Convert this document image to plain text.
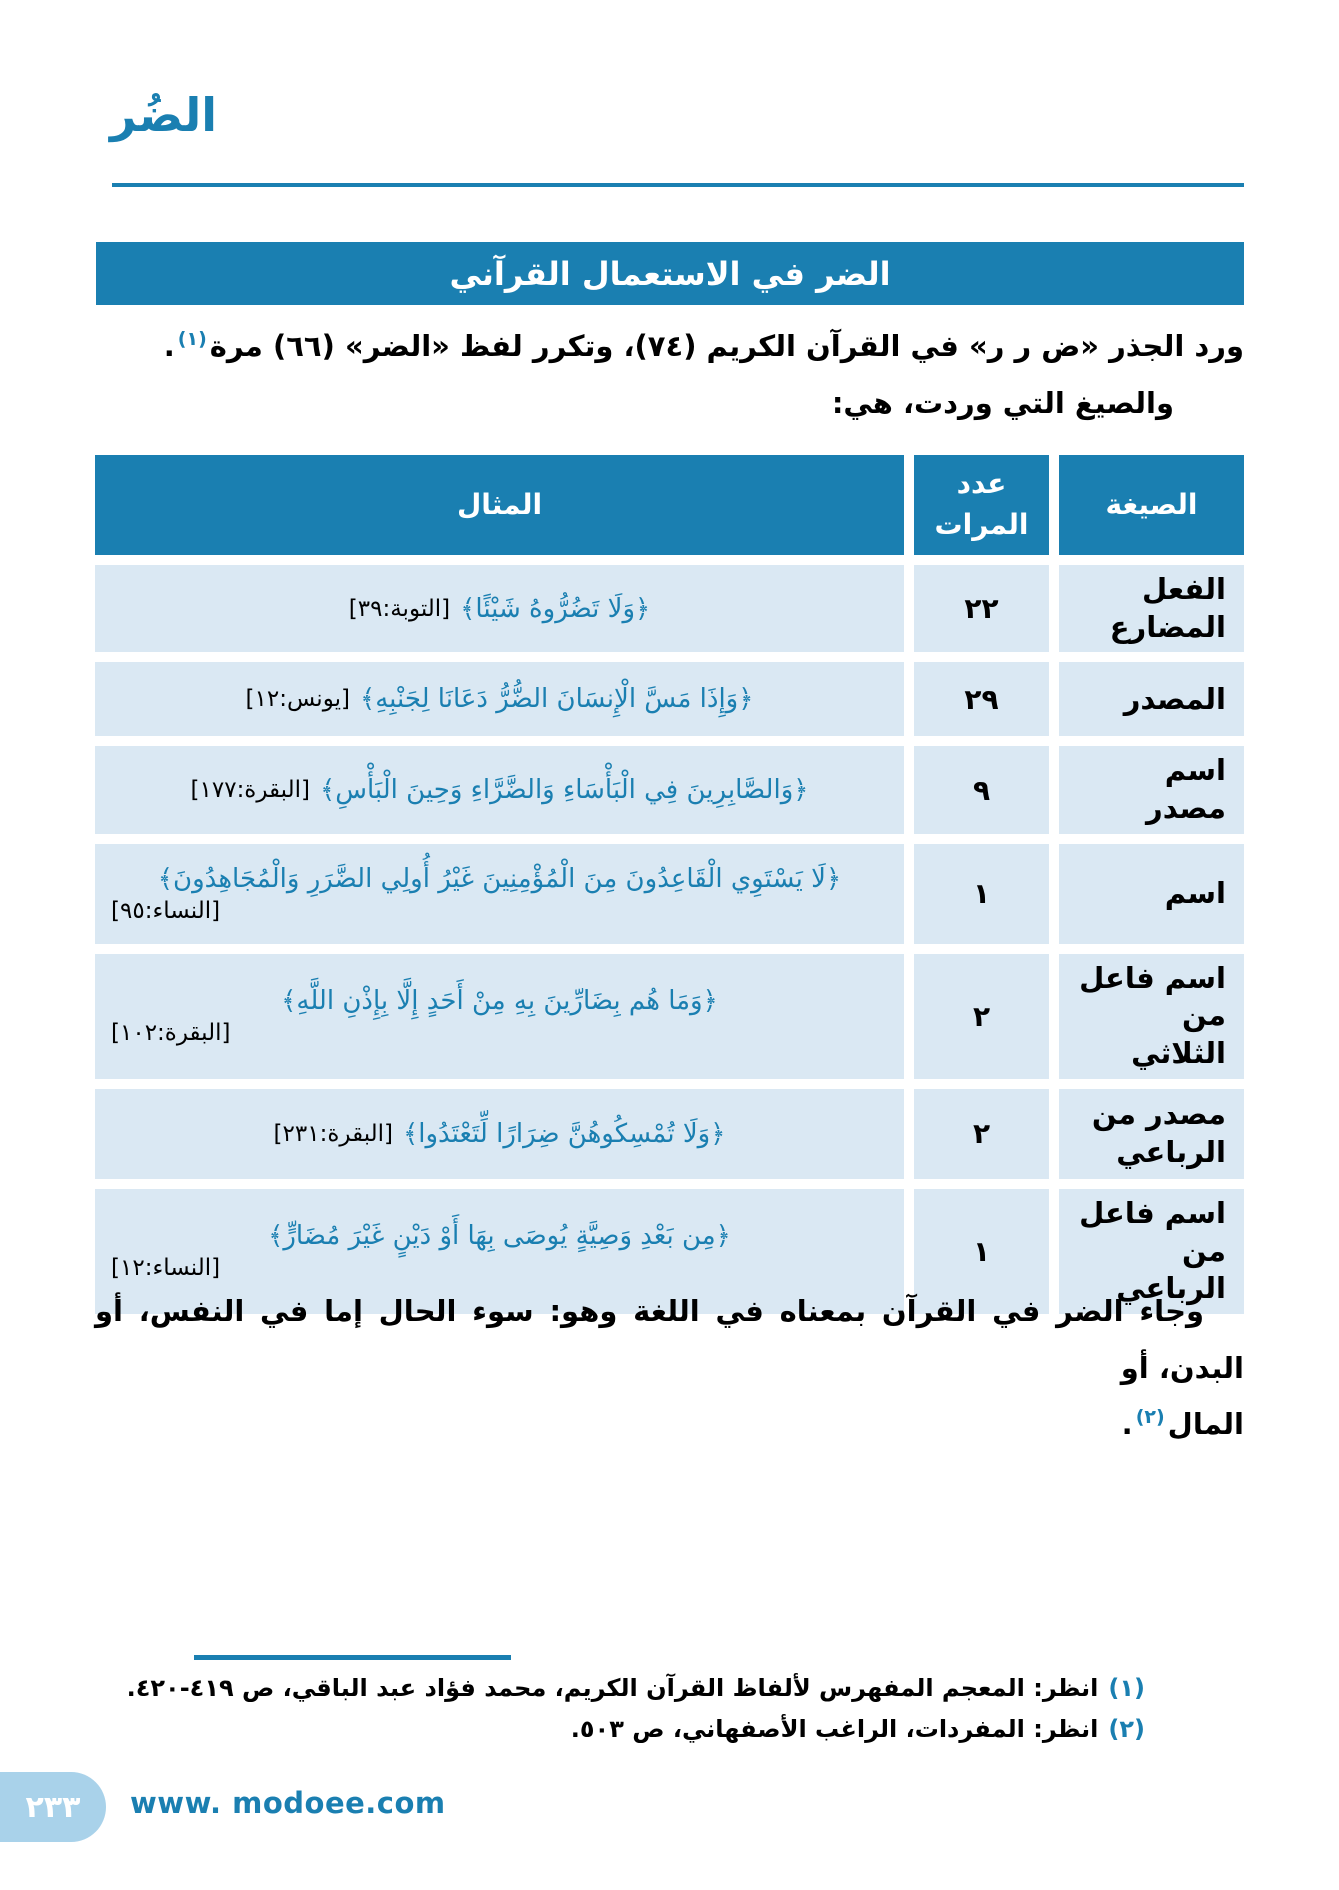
الضُر
الضر في الاستعمال القرآني
ورد الجذر «ض ر ر» في القرآن الكريم (٧٤)، وتكرر لفظ «الضر» (٦٦) مرة$^{(١)}$.
والصيغ التي وردت، هي:
الصيغة
عدد المرات
المثال
الفعل المضارع
٢٢
﴿وَلَا تَضُرُّوهُ شَيْئًا﴾
[التوبة:٣٩]
المصدر
٢٩
﴿وَإِذَا مَسَّ الْإِنسَانَ الضُّرُّ دَعَانَا لِجَنْبِهِ﴾
[يونس:١٢]
اسم مصدر
٩
﴿وَالصَّابِرِينَ فِي الْبَأْسَاءِ وَالضَّرَّاءِ وَحِينَ الْبَأْسِ﴾
[البقرة:١٧٧]
اسم
١
﴿لَا يَسْتَوِي الْقَاعِدُونَ مِنَ الْمُؤْمِنِينَ غَيْرُ أُولِي الضَّرَرِ وَالْمُجَاهِدُونَ﴾
[النساء:٩٥]
اسم فاعل من الثلاثي
٢
﴿وَمَا هُم بِضَارِّينَ بِهِ مِنْ أَحَدٍ إِلَّا بِإِذْنِ اللَّهِ﴾
[البقرة:١٠٢]
مصدر من الرباعي
٢
﴿وَلَا تُمْسِكُوهُنَّ ضِرَارًا لِّتَعْتَدُوا﴾
[البقرة:٢٣١]
اسم فاعل من الرباعي
١
﴿مِن بَعْدِ وَصِيَّةٍ يُوصَى بِهَا أَوْ دَيْنٍ غَيْرَ مُضَارٍّ﴾
[النساء:١٢]
وجاء الضر في القرآن بمعناه في اللغة وهو: سوء الحال إما في النفس، أو البدن، أو
المال$^{(٢)}$.
(١)انظر: المعجم المفهرس لألفاظ القرآن الكريم، محمد فؤاد عبد الباقي، ص ٤١٩-٤٢٠.
(٢)انظر: المفردات، الراغب الأصفهاني، ص ٥٠٣.
٢٣٣ www. modoee.com
